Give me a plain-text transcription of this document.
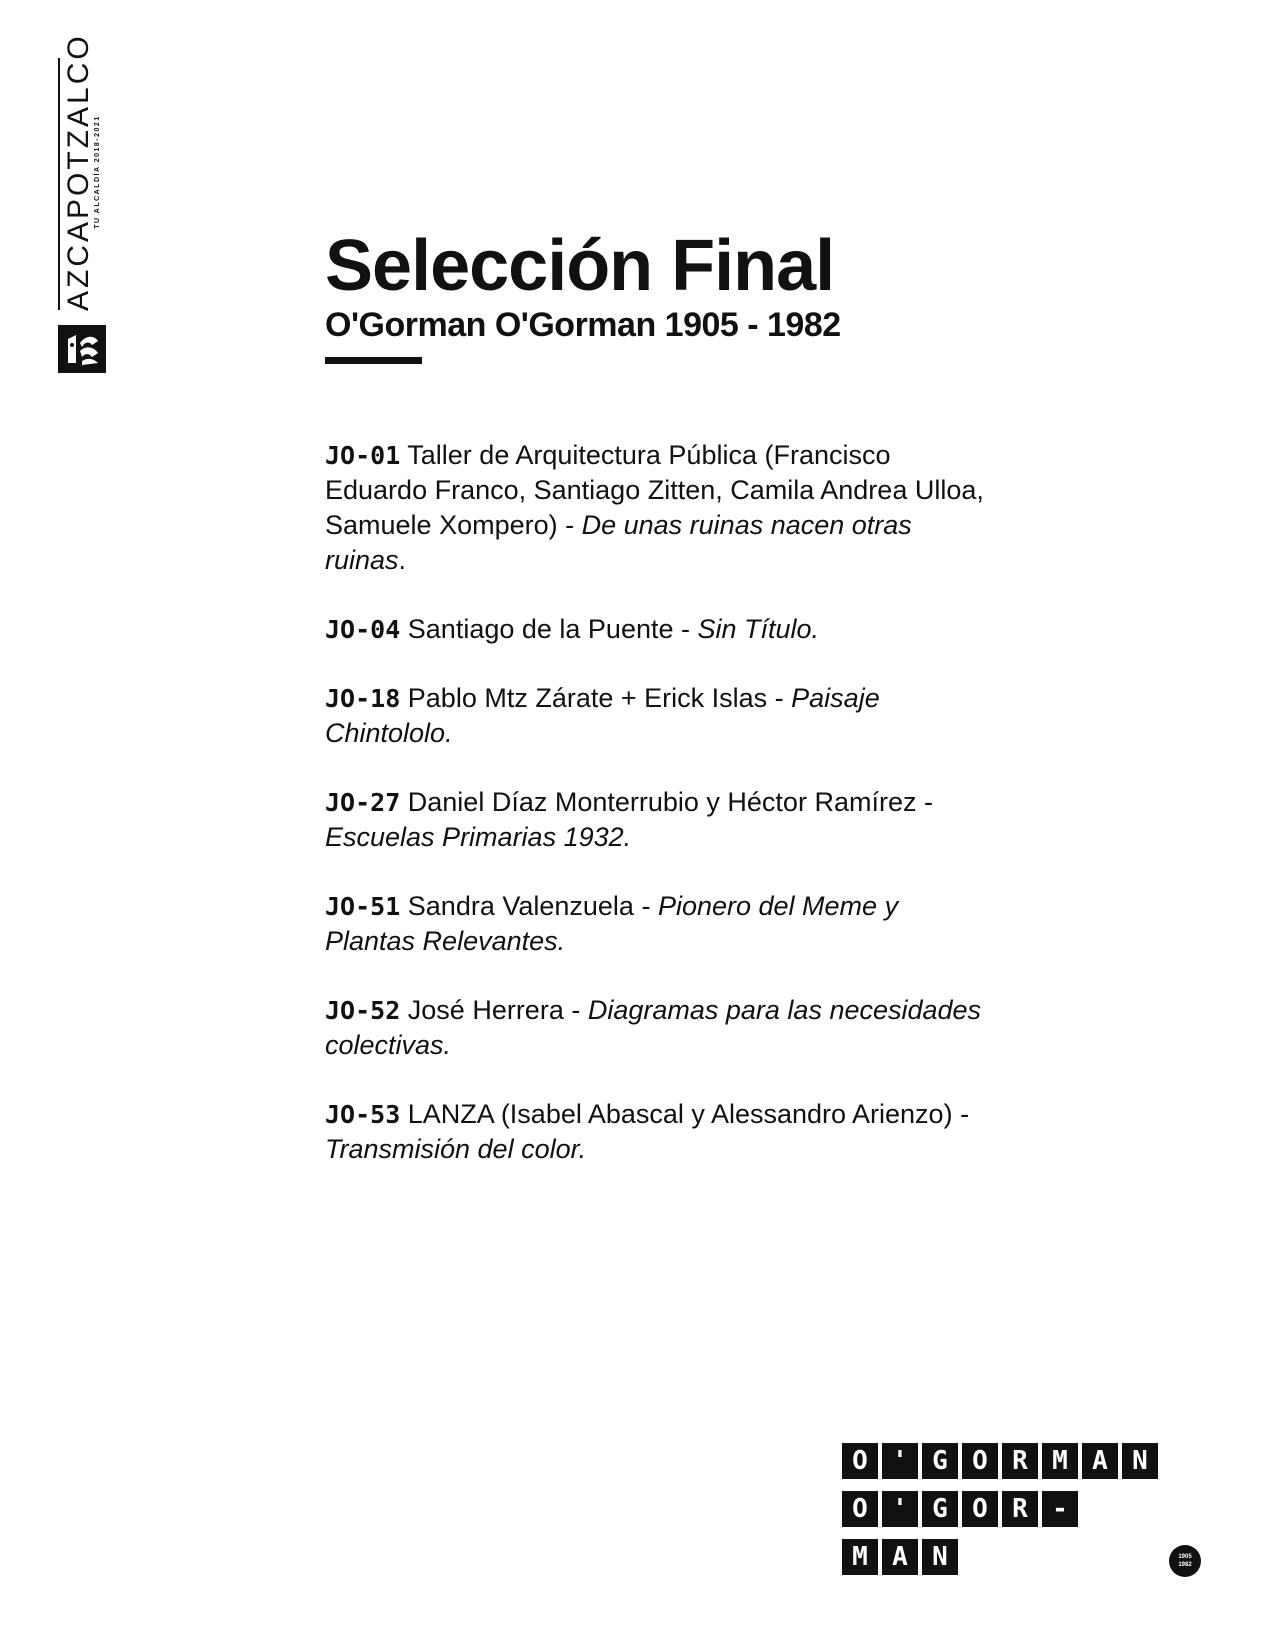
AZCAPOTZALCO TU ALCALDÍA 2018-2021
Selección Final
O'Gorman O'Gorman 1905 - 1982

JO-01 Taller de Arquitectura Pública (Francisco Eduardo Franco, Santiago Zitten, Camila Andrea Ulloa, Samuele Xompero) - De unas ruinas nacen otras ruinas.

JO-04 Santiago de la Puente - Sin Título.

JO-18 Pablo Mtz Zárate + Erick Islas - Paisaje Chintololo.

JO-27 Daniel Díaz Monterrubio y Héctor Ramírez - Escuelas Primarias 1932.

JO-51 Sandra Valenzuela - Pionero del Meme y Plantas Relevantes.

JO-52 José Herrera - Diagramas para las necesidades colectivas.

JO-53 LANZA (Isabel Abascal y Alessandro Arienzo) - Transmisión del color.

O ' G O R M A N
O ' G O R -
M A N	1905
1982
